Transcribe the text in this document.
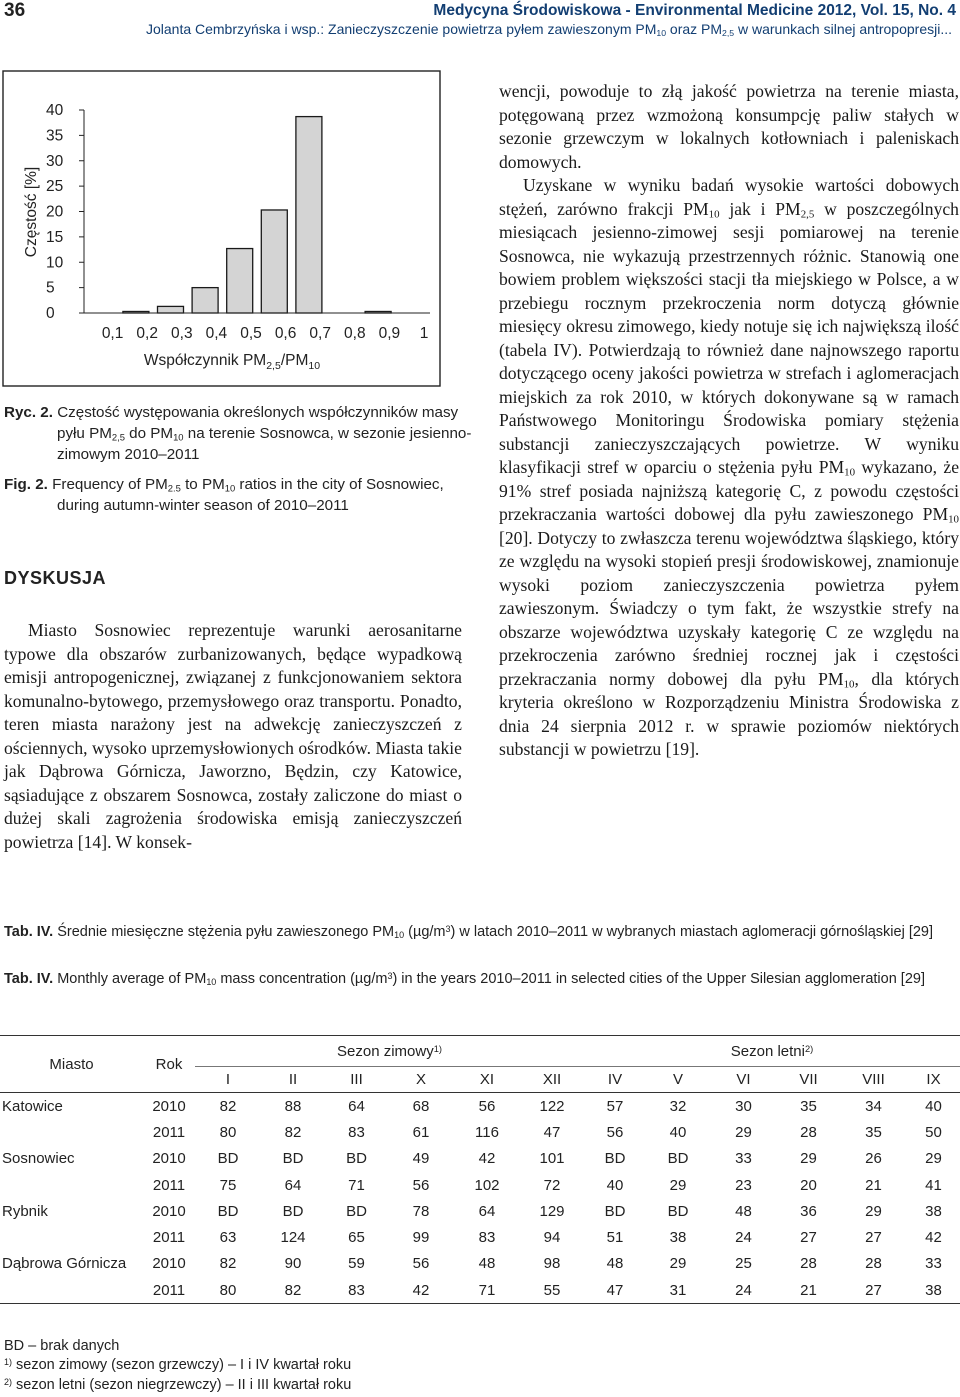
36	Medycyna Środowiskowa - Environmental Medicine 2012, Vol. 15, No. 4
Jolanta Cembrzyńska i wsp.: Zanieczyszczenie powietrza pyłem zawieszonym $PM_{10}$ oraz $PM_{2,5}$ w warunkach silnej antropopresji...
0
5
10
15
20
25
30
35
40
0,1 0,2 0,3 0,4 0,5 0,6 0,7 0,8 0,9 1
Częstość [%]
Współczynnik $PM_{2,5}/PM_{10}$
Ryc. 2. Częstość występowania określonych współczynników masy pyłu $PM_{2,5}$ do $PM_{10}$ na terenie Sosnowca, w sezonie jesienno-zimowym 2010–2011
Fig. 2. Frequency of $PM_{2.5}$ to $PM_{10}$ ratios in the city of Sosnowiec, during autumn-winter season of 2010–2011
DYSKUSJA

Miasto Sosnowiec reprezentuje warunki aerosanitarne typowe dla obszarów zurbanizowanych, będące wypadkową emisji antropogenicznej, związanej z funkcjonowaniem sektora komunalno-bytowego, przemysłowego oraz transportu. Ponadto, teren miasta narażony jest na adwekcję zanieczyszczeń z ościennych, wysoko uprzemysłowionych ośrodków. Miasta takie jak Dąbrowa Górnicza, Jaworzno, Będzin, czy Katowice, sąsiadujące z obszarem Sosnowca, zostały zaliczone do miast o dużej skali zagrożenia środowiska emisją zanieczyszczeń powietrza [14]. W konsek-

wencji, powoduje to złą jakość powietrza na terenie miasta, potęgowaną przez wzmożoną konsumpcję paliw stałych w sezonie grzewczym w lokalnych kotłowniach i paleniskach domowych.

Uzyskane w wyniku badań wysokie wartości dobowych stężeń, zarówno frakcji $PM_{10}$ jak i $PM_{2,5}$ w poszczególnych miesiącach jesienno-zimowej sesji pomiarowej na terenie Sosnowca, nie wykazują przestrzennych różnic. Stanowią one bowiem problem większości stacji tła miejskiego w Polsce, a w przebiegu rocznym przekroczenia norm dotyczą głównie miesięcy okresu zimowego, kiedy notuje się ich największą ilość (tabela IV). Potwierdzają to również dane najnowszego raportu dotyczącego oceny jakości powietrza w strefach i aglomeracjach miejskich za rok 2010, w których dokonywane są w ramach Państwowego Monitoringu Środowiska pomiary stężenia substancji zanieczyszczających powietrze. W wyniku klasyfikacji stref w oparciu o stężenia pyłu $PM_{10}$ wykazano, że 91% stref posiada najniższą kategorię C, z powodu częstości przekraczania wartości dobowej dla pyłu zawieszonego $PM_{10}$ [20]. Dotyczy to zwłaszcza terenu województwa śląskiego, który ze względu na wysoki stopień presji środowiskowej, znamionuje wysoki poziom zanieczyszczenia powietrza pyłem zawieszonym. Świadczy o tym fakt, że wszystkie strefy na obszarze województwa uzyskały kategorię C ze względu na przekroczenia zarówno średniej rocznej jak i częstości przekraczania normy dobowej dla pyłu $PM_{10}$, dla których kryteria określono w Rozporządzeniu Ministra Środowiska z dnia 24 sierpnia 2012 r. w sprawie poziomów niektórych substancji w powietrzu [19].

Tab. IV. Średnie miesięczne stężenia pyłu zawieszonego $PM_{10}$ $(\mu g/m^3)$ w latach 2010–2011 w wybranych miastach aglomeracji górnośląskiej [29]
Tab. IV. Monthly average of $PM_{10}$ mass concentration $(\mu g/m^3)$ in the years 2010–2011 in selected cities of the Upper Silesian agglomeration [29]
Miasto	Rok	Sezon zimowy$^{1)}$						Sezon letni$^{2)}$
		I	II	III	X	XI	XII	IV	V	VI	VII	VIII	IX
Katowice	2010	82	88	64	68	56	122	57	32	30	35	34	40
	2011	80	82	83	61	116	47	56	40	29	28	35	50
Sosnowiec	2010	BD	BD	BD	49	42	101	BD	BD	33	29	26	29
	2011	75	64	71	56	102	72	40	29	23	20	21	41
Rybnik	2010	BD	BD	BD	78	64	129	BD	BD	48	36	29	38
	2011	63	124	65	99	83	94	51	38	24	27	27	42
Dąbrowa Górnicza	2010	82	90	59	56	48	98	48	29	25	28	28	33
	2011	80	82	83	42	71	55	47	31	24	21	27	38
BD – brak danych
$^{1)}$ sezon zimowy (sezon grzewczy) – I i IV kwartał roku
$^{2)}$ sezon letni (sezon niegrzewczy) – II i III kwartał roku
